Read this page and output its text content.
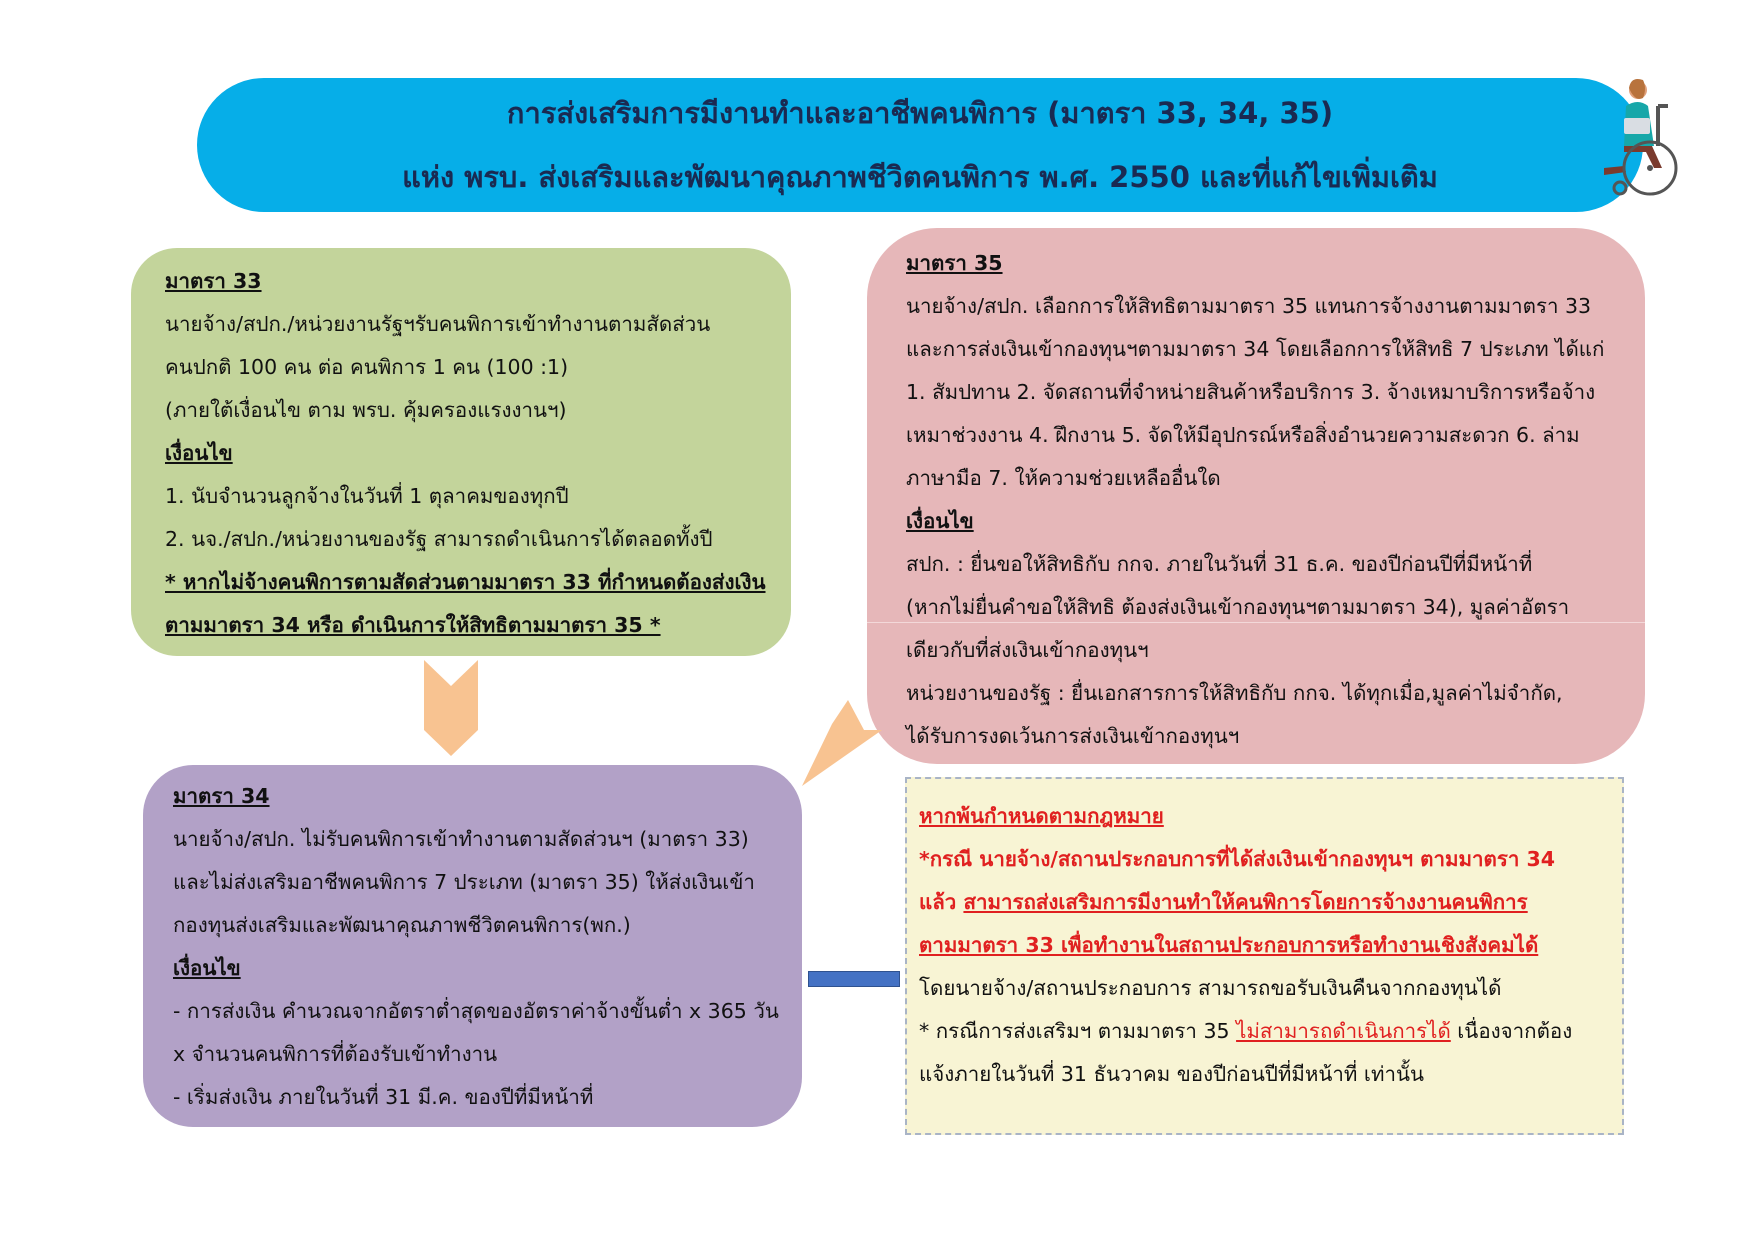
การส่งเสริมการมีงานทำและอาชีพคนพิการ (มาตรา 33, 34, 35)
แห่ง พรบ. ส่งเสริมและพัฒนาคุณภาพชีวิตคนพิการ พ.ศ. 2550 และที่แก้ไขเพิ่มเติม
มาตรา 33
นายจ้าง/สปก./หน่วยงานรัฐฯรับคนพิการเข้าทำงานตามสัดส่วน
คนปกติ 100 คน ต่อ คนพิการ 1 คน (100 :1)
(ภายใต้เงื่อนไข ตาม พรบ. คุ้มครองแรงงานฯ)
เงื่อนไข
1. นับจำนวนลูกจ้างในวันที่ 1 ตุลาคมของทุกปี
2. นจ./สปก./หน่วยงานของรัฐ สามารถดำเนินการได้ตลอดทั้งปี
* หากไม่จ้างคนพิการตามสัดส่วนตามมาตรา 33 ที่กำหนดต้องส่งเงิน
ตามมาตรา 34 หรือ ดำเนินการให้สิทธิตามมาตรา 35 *
มาตรา 35
นายจ้าง/สปก. เลือกการให้สิทธิตามมาตรา 35 แทนการจ้างงานตามมาตรา 33
และการส่งเงินเข้ากองทุนฯตามมาตรา 34 โดยเลือกการให้สิทธิ 7 ประเภท ได้แก่
1. สัมปทาน 2. จัดสถานที่จำหน่ายสินค้าหรือบริการ 3. จ้างเหมาบริการหรือจ้าง
เหมาช่วงงาน 4. ฝึกงาน 5. จัดให้มีอุปกรณ์หรือสิ่งอำนวยความสะดวก 6. ล่าม
ภาษามือ 7. ให้ความช่วยเหลืออื่นใด
เงื่อนไข
สปก. : ยื่นขอให้สิทธิกับ กกจ. ภายในวันที่ 31 ธ.ค. ของปีก่อนปีที่มีหน้าที่
(หากไม่ยื่นคำขอให้สิทธิ ต้องส่งเงินเข้ากองทุนฯตามมาตรา 34), มูลค่าอัตรา
เดียวกับที่ส่งเงินเข้ากองทุนฯ
หน่วยงานของรัฐ : ยื่นเอกสารการให้สิทธิกับ กกจ. ได้ทุกเมื่อ,มูลค่าไม่จำกัด,
ได้รับการงดเว้นการส่งเงินเข้ากองทุนฯ
มาตรา 34
นายจ้าง/สปก. ไม่รับคนพิการเข้าทำงานตามสัดส่วนฯ (มาตรา 33)
และไม่ส่งเสริมอาชีพคนพิการ 7 ประเภท (มาตรา 35) ให้ส่งเงินเข้า
กองทุนส่งเสริมและพัฒนาคุณภาพชีวิตคนพิการ(พก.)
เงื่อนไข
- การส่งเงิน คำนวณจากอัตราต่ำสุดของอัตราค่าจ้างขั้นต่ำ x 365 วัน
x จำนวนคนพิการที่ต้องรับเข้าทำงาน
- เริ่มส่งเงิน ภายในวันที่ 31 มี.ค. ของปีที่มีหน้าที่
หากพ้นกำหนดตามกฎหมาย
*กรณี นายจ้าง/สถานประกอบการที่ได้ส่งเงินเข้ากองทุนฯ ตามมาตรา 34
แล้ว สามารถส่งเสริมการมีงานทำให้คนพิการโดยการจ้างงานคนพิการ
ตามมาตรา 33 เพื่อทำงานในสถานประกอบการหรือทำงานเชิงสังคมได้
โดยนายจ้าง/สถานประกอบการ สามารถขอรับเงินคืนจากกองทุนได้
* กรณีการส่งเสริมฯ ตามมาตรา 35 ไม่สามารถดำเนินการได้ เนื่องจากต้อง
แจ้งภายในวันที่ 31 ธันวาคม ของปีก่อนปีที่มีหน้าที่ เท่านั้น
